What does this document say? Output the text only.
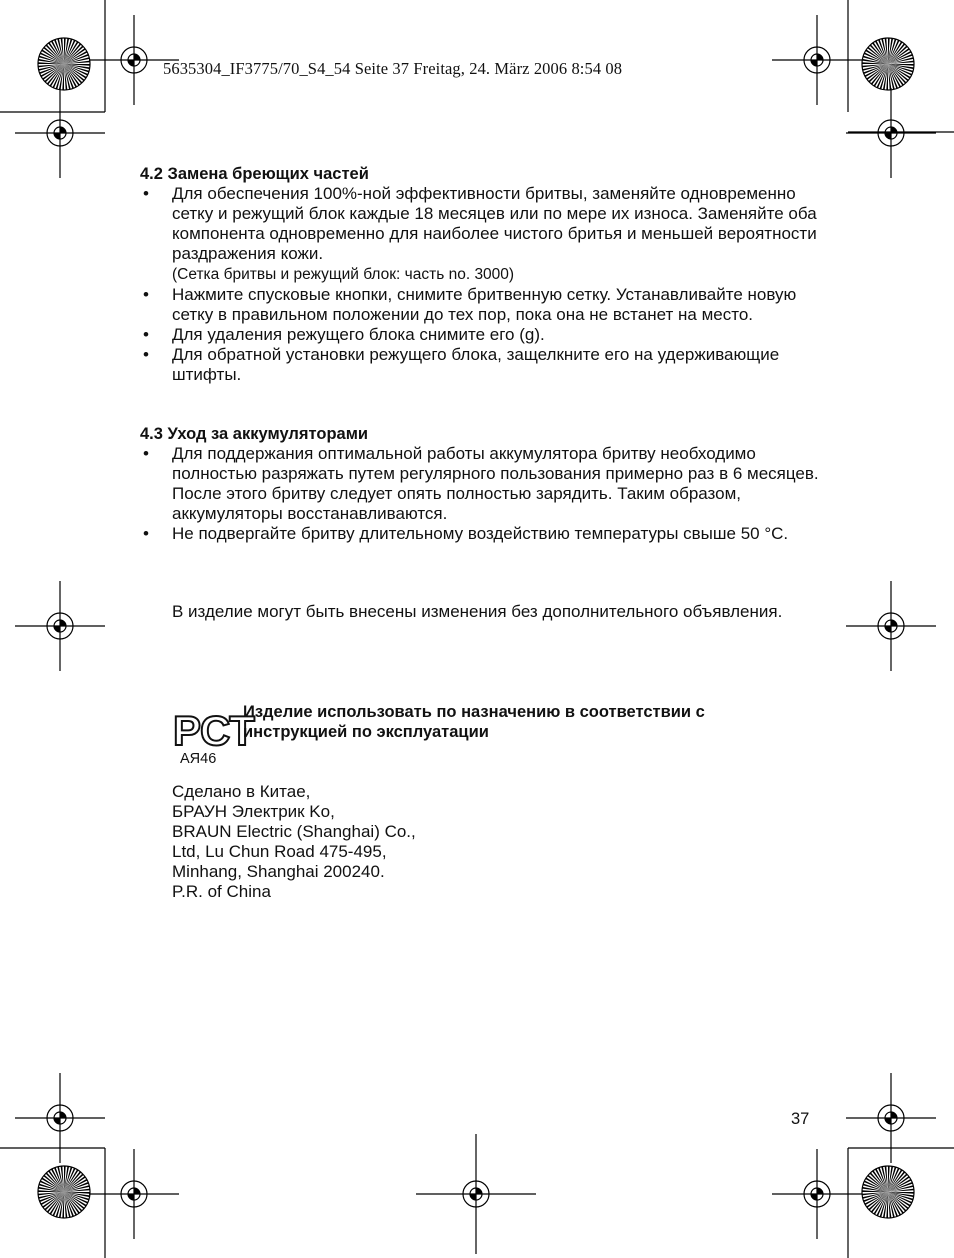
5635304_IF3775/70_S4_54 Seite 37 Freitag, 24. März 2006 8:54 08
4.2 Замена бреющих частей
• Для обеспечения 100%-ной эффективности бритвы, заменяйте одновременно сетку и режущий блок каждые 18 месяцев или по мере их износа. Заменяйте оба компонента одновременно для наиболее чистого бритья и меньшей вероятности раздражения кожи.
(Сетка бритвы и режущий блок: часть no. 3000)
• Нажмите спусковые кнопки, снимите бритвенную сетку. Устанавливайте новую сетку в правильном положении до тех пор, пока она не встанет на место.
• Для удаления режущего блока снимите его (g).
• Для обратной установки режущего блока, защелкните его на удерживающие штифты.
4.3 Уход за аккумуляторами
• Для поддержания оптимальной работы аккумулятора бритву необходимо полностью разряжать путем регулярного пользования примерно раз в 6 месяцев. После этого бритву следует опять полностью зарядить. Таким образом, аккумуляторы восстанавливаются.
• Не подвергайте бритву длительному воздействию температуры свыше 50 °C.
В изделие могут быть внесены изменения без дополнительного объявления.
РСТ
АЯ46
Изделие использовать по назначению в соответствии с инструкцией по эксплуатации
Сделано в Китае,
БРАУН Электрик Ko,
BRAUN Electric (Shanghai) Co.,
Ltd, Lu Chun Road 475-495,
Minhang, Shanghai 200240.
P.R. of China
37
